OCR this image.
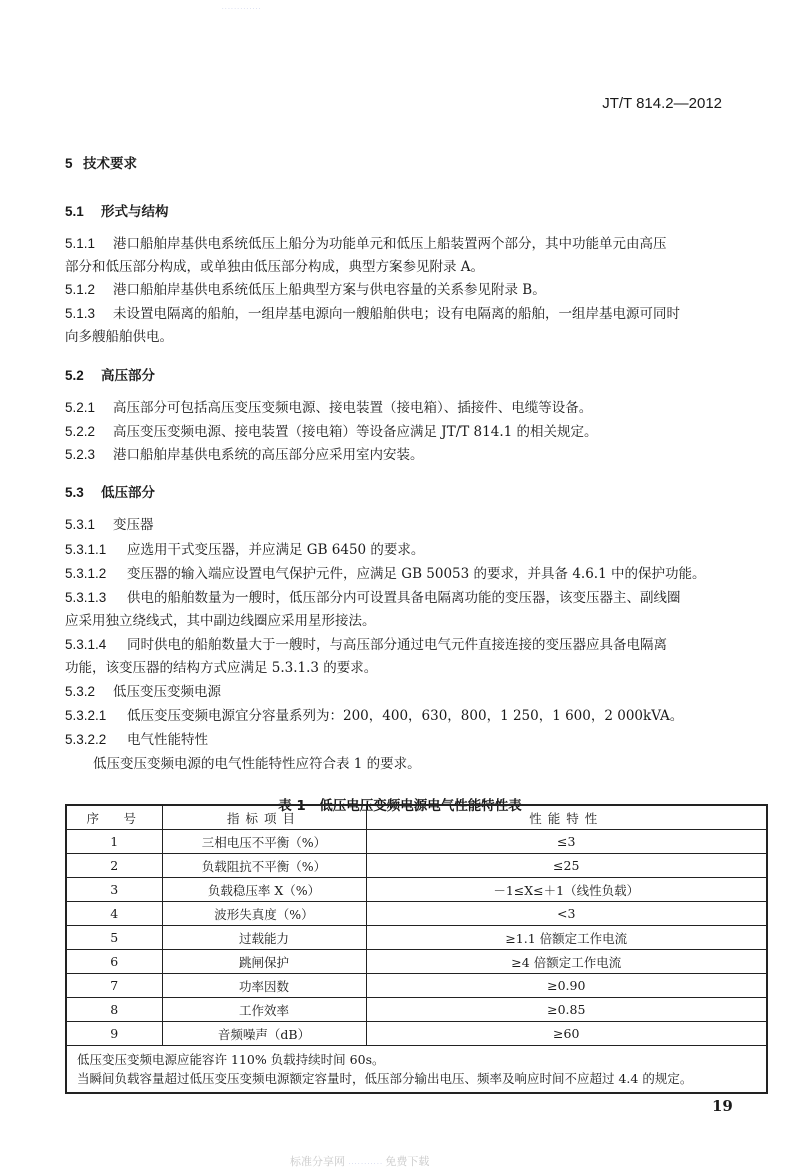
· · · · · · · · · · · · ·
JT/T 814.2—2012
5 技术要求
5.1 形式与结构
5.1.1 港口船舶岸基供电系统低压上船分为功能单元和低压上船装置两个部分，其中功能单元由高压
部分和低压部分构成，或单独由低压部分构成，典型方案参见附录 A。
5.1.2 港口船舶岸基供电系统低压上船典型方案与供电容量的关系参见附录 B。
5.1.3 未设置电隔离的船舶，一组岸基电源向一艘船舶供电；设有电隔离的船舶，一组岸基电源可同时
向多艘船舶供电。
5.2 高压部分
5.2.1 高压部分可包括高压变压变频电源、接电装置（接电箱）、插接件、电缆等设备。
5.2.2 高压变压变频电源、接电装置（接电箱）等设备应满足 JT/T 814.1 的相关规定。
5.2.3 港口船舶岸基供电系统的高压部分应采用室内安装。
5.3 低压部分
5.3.1 变压器
5.3.1.1 应选用干式变压器，并应满足 GB 6450 的要求。
5.3.1.2 变压器的输入端应设置电气保护元件，应满足 GB 50053 的要求，并具备 4.6.1 中的保护功能。
5.3.1.3 供电的船舶数量为一艘时，低压部分内可设置具备电隔离功能的变压器，该变压器主、副线圈
应采用独立绕线式，其中副边线圈应采用星形接法。
5.3.1.4 同时供电的船舶数量大于一艘时，与高压部分通过电气元件直接连接的变压器应具备电隔离
功能，该变压器的结构方式应满足 5.3.1.3 的要求。
5.3.2 低压变压变频电源
5.3.2.1 低压变压变频电源宜分容量系列为：200，400，630，800，1 250，1 600，2 000kVA。
5.3.2.2 电气性能特性
低压变压变频电源的电气性能特性应符合表 1 的要求。
表 1　低压电压变频电源电气性能特性表
序　号	指标项目	性能特性
1	三相电压不平衡（%）	≤3
2	负载阻抗不平衡（%）	≤25
3	负载稳压率 X（%）	－1≤X≤＋1（线性负载）
4	波形失真度（%）	<3
5	过载能力	≥1.1 倍额定工作电流
6	跳闸保护	≥4 倍额定工作电流
7	功率因数	≥0.90
8	工作效率	≥0.85
9	音频噪声（dB）	≥60

低压变压变频电源应能容许 110% 负载持续时间 60s。
当瞬间负载容量超过低压变压变频电源额定容量时，低压部分输出电压、频率及响应时间不应超过 4.4 的规定。		
19
标准分享网 · · · · · · · · · · · 免费下载
